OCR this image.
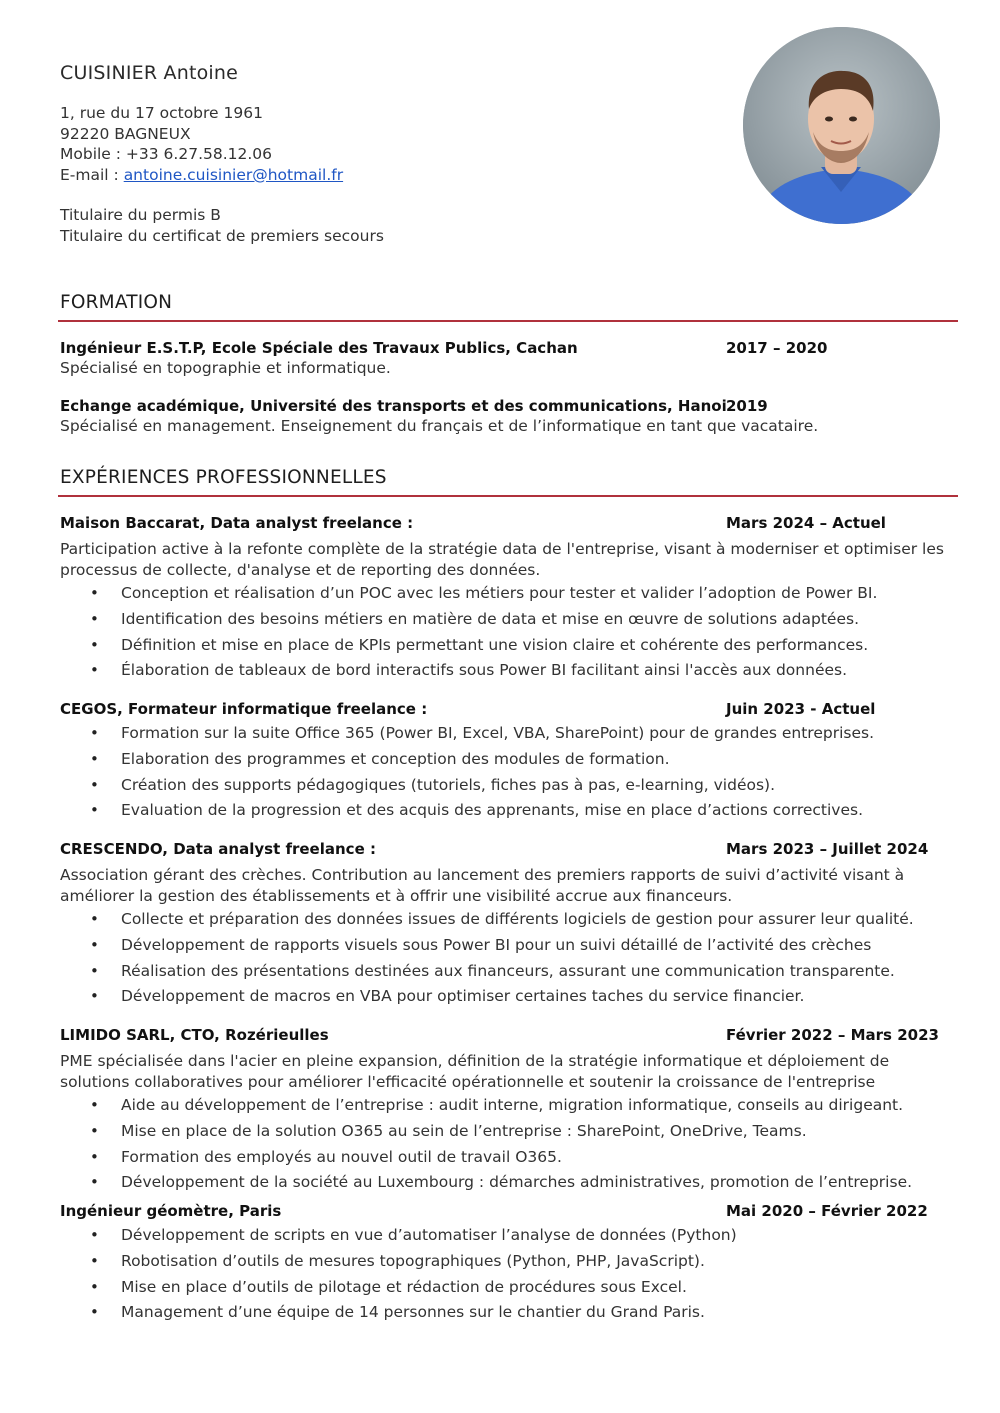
CUISINIER Antoine
1, rue du 17 octobre 1961
92220 BAGNEUX
Mobile : +33 6.27.58.12.06
E-mail : antoine.cuisinier@hotmail.fr
Titulaire du permis B
Titulaire du certificat de premiers secours
FORMATION
Ingénieur E.S.T.P, Ecole Spéciale des Travaux Publics, Cachan	2017 – 2020
Spécialisé en topographie et informatique.
Echange académique, Université des transports et des communications, Hanoi 2019
Spécialisé en management. Enseignement du français et de l’informatique en tant que vacataire.
EXPÉRIENCES PROFESSIONNELLES
Maison Baccarat, Data analyst freelance :	Mars 2024 – Actuel
Participation active à la refonte complète de la stratégie data de l'entreprise, visant à moderniser et optimiser les processus de collecte, d'analyse et de reporting des données.
• Conception et réalisation d’un POC avec les métiers pour tester et valider l’adoption de Power BI.
• Identification des besoins métiers en matière de data et mise en œuvre de solutions adaptées.
• Définition et mise en place de KPIs permettant une vision claire et cohérente des performances.
• Élaboration de tableaux de bord interactifs sous Power BI facilitant ainsi l'accès aux données.
CEGOS, Formateur informatique freelance :	Juin 2023 - Actuel
• Formation sur la suite Office 365 (Power BI, Excel, VBA, SharePoint) pour de grandes entreprises.
• Elaboration des programmes et conception des modules de formation.
• Création des supports pédagogiques (tutoriels, fiches pas à pas, e-learning, vidéos).
• Evaluation de la progression et des acquis des apprenants, mise en place d’actions correctives.
CRESCENDO, Data analyst freelance :	Mars 2023 – Juillet 2024
Association gérant des crèches. Contribution au lancement des premiers rapports de suivi d’activité visant à améliorer la gestion des établissements et à offrir une visibilité accrue aux financeurs.
• Collecte et préparation des données issues de différents logiciels de gestion pour assurer leur qualité.
• Développement de rapports visuels sous Power BI pour un suivi détaillé de l’activité des crèches
• Réalisation des présentations destinées aux financeurs, assurant une communication transparente.
• Développement de macros en VBA pour optimiser certaines taches du service financier.
LIMIDO SARL, CTO, Rozérieulles	Février 2022 – Mars 2023
PME spécialisée dans l'acier en pleine expansion, définition de la stratégie informatique et déploiement de solutions collaboratives pour améliorer l'efficacité opérationnelle et soutenir la croissance de l'entreprise
• Aide au développement de l’entreprise : audit interne, migration informatique, conseils au dirigeant.
• Mise en place de la solution O365 au sein de l’entreprise : SharePoint, OneDrive, Teams.
• Formation des employés au nouvel outil de travail O365.
• Développement de la société au Luxembourg : démarches administratives, promotion de l’entreprise.
Ingénieur géomètre, Paris	Mai 2020 – Février 2022
• Développement de scripts en vue d’automatiser l’analyse de données (Python)
• Robotisation d’outils de mesures topographiques (Python, PHP, JavaScript).
• Mise en place d’outils de pilotage et rédaction de procédures sous Excel.
• Management d’une équipe de 14 personnes sur le chantier du Grand Paris.
